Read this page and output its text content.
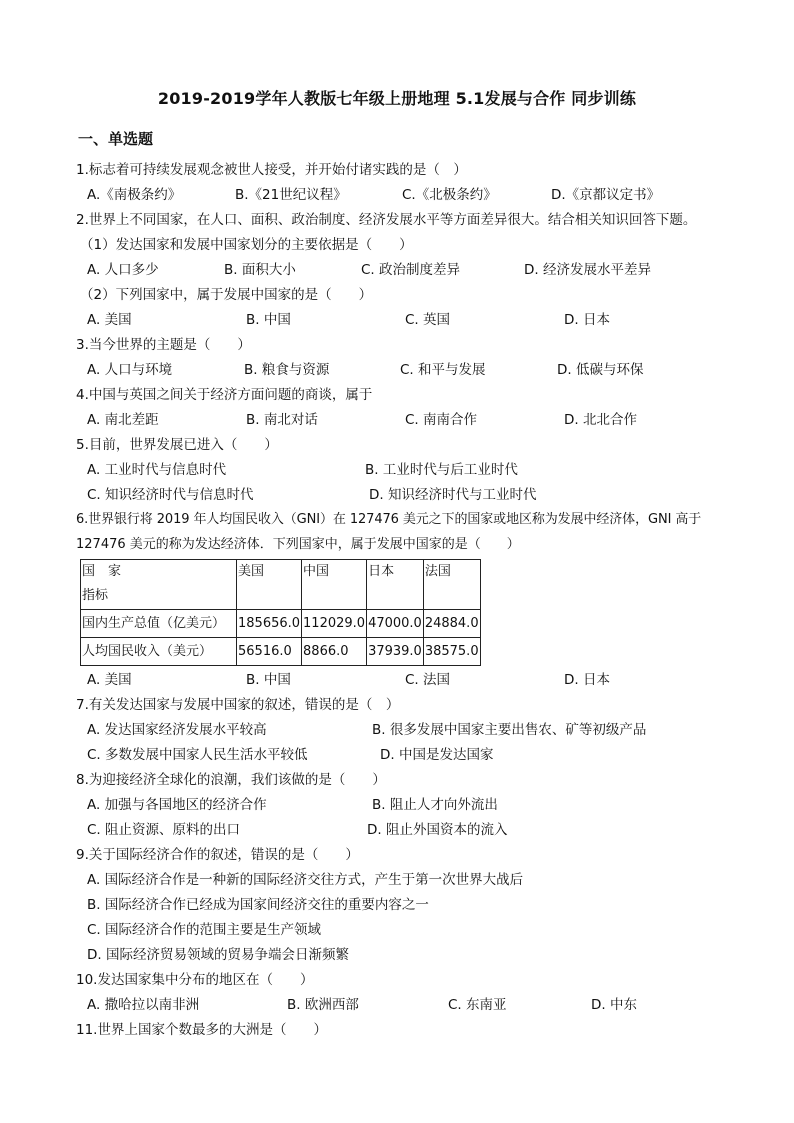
2019-2019学年人教版七年级上册地理 5.1发展与合作 同步训练
一、单选题
1.标志着可持续发展观念被世人接受，并开始付诸实践的是（　）
A.《南极条约》	B.《21世纪议程》	C.《北极条约》	D.《京都议定书》
2.世界上不同国家，在人口、面积、政治制度、经济发展水平等方面差异很大。结合相关知识回答下题。
（1）发达国家和发展中国家划分的主要依据是（　　）
A. 人口多少	B. 面积大小	C. 政治制度差异	D. 经济发展水平差异
（2）下列国家中，属于发展中国家的是（　　）
A. 美国	B. 中国	C. 英国	D. 日本
3.当今世界的主题是（　　）
A. 人口与环境	B. 粮食与资源	C. 和平与发展	D. 低碳与环保
4.中国与英国之间关于经济方面问题的商谈，属于
A. 南北差距	B. 南北对话	C. 南南合作	D. 北北合作
5.目前，世界发展已进入（　　）
A. 工业时代与信息时代	B. 工业时代与后工业时代
C. 知识经济时代与信息时代	D. 知识经济时代与工业时代
6.世界银行将 2019 年人均国民收入（GNI）在 127476 美元之下的国家或地区称为发展中经济体，GNI 高于
127476 美元的称为发达经济体．下列国家中，属于发展中国家的是（　　）
国　家
指标	美国	中国	日本	法国
国内生产总值（亿美元）	185656.0	112029.0	47000.0	24884.0
人均国民收入（美元）	56516.0	8866.0	37939.0	38575.0
A. 美国	B. 中国	C. 法国	D. 日本
7.有关发达国家与发展中国家的叙述，错误的是（　）
A. 发达国家经济发展水平较高	B. 很多发展中国家主要出售农、矿等初级产品
C. 多数发展中国家人民生活水平较低	D. 中国是发达国家
8.为迎接经济全球化的浪潮，我们该做的是（　　）
A. 加强与各国地区的经济合作	B. 阻止人才向外流出
C. 阻止资源、原料的出口	D. 阻止外国资本的流入
9.关于国际经济合作的叙述，错误的是（　　）
A. 国际经济合作是一种新的国际经济交往方式，产生于第一次世界大战后
B. 国际经济合作已经成为国家间经济交往的重要内容之一
C. 国际经济合作的范围主要是生产领域
D. 国际经济贸易领域的贸易争端会日渐频繁
10.发达国家集中分布的地区在（　　）
A. 撒哈拉以南非洲	B. 欧洲西部	C. 东南亚	D. 中东
11.世界上国家个数最多的大洲是（　　）
